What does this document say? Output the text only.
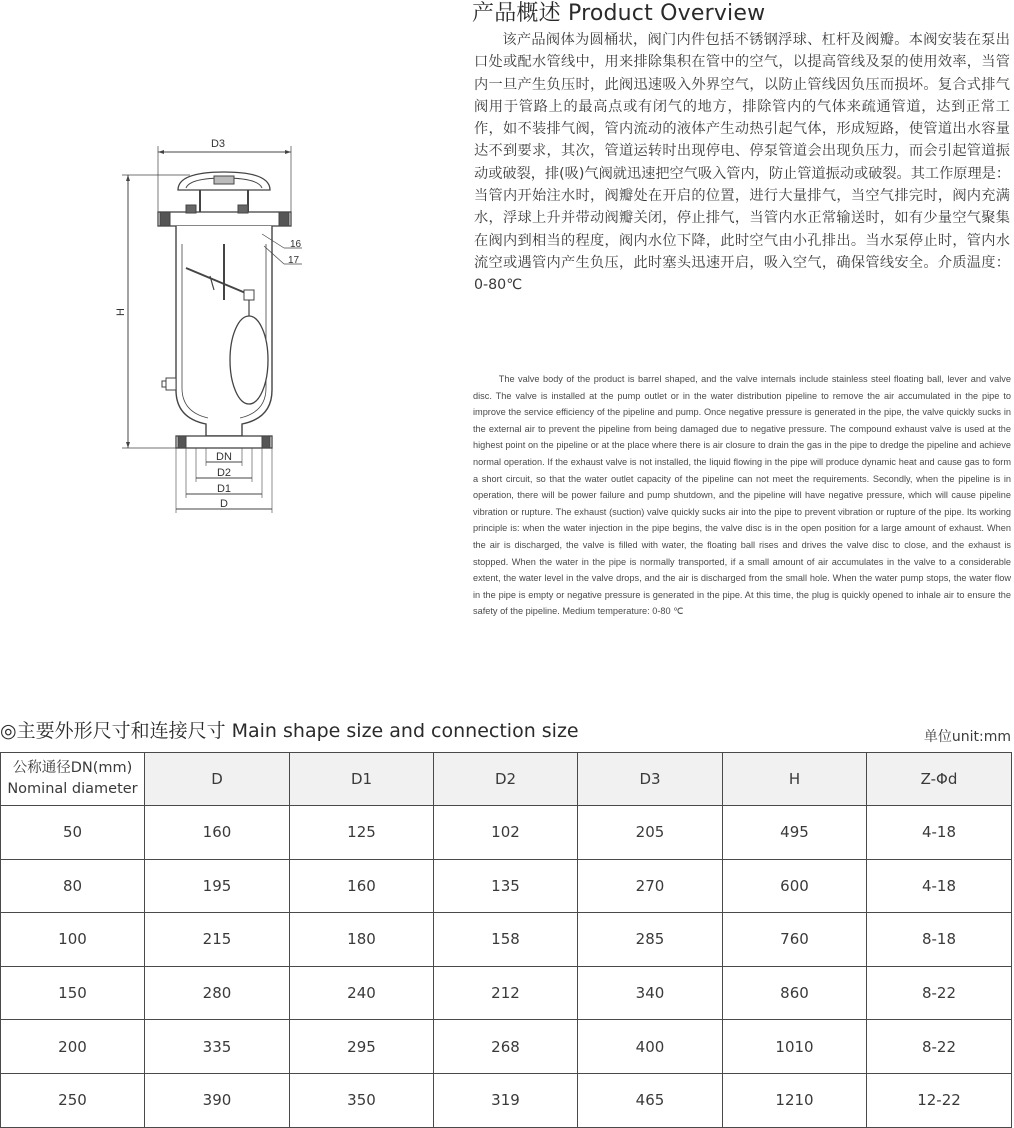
产品概述 Product Overview

该产品阀体为圆桶状，阀门内件包括不锈钢浮球、杠杆及阀瓣。本阀安装在泵出口处或配水管线中，用来排除集积在管中的空气，以提高管线及泵的使用效率，当管内一旦产生负压时，此阀迅速吸入外界空气，以防止管线因负压而损坏。复合式排气阀用于管路上的最高点或有闭气的地方，排除管内的气体来疏通管道，达到正常工作，如不装排气阀，管内流动的液体产生动热引起气体，形成短路，使管道出水容量达不到要求，其次，管道运转时出现停电、停泵管道会出现负压力，而会引起管道振动或破裂，排(吸)气阀就迅速把空气吸入管内，防止管道振动或破裂。其工作原理是：当管内开始注水时，阀瓣处在开启的位置，进行大量排气，当空气排完时，阀内充满水，浮球上升并带动阀瓣关闭，停止排气，当管内水正常输送时，如有少量空气聚集在阀内到相当的程度，阀内水位下降，此时空气由小孔排出。当水泵停止时，管内水流空或遇管内产生负压，此时塞头迅速开启，吸入空气，确保管线安全。介质温度：0-80℃

The valve body of the product is barrel shaped, and the valve internals include stainless steel floating ball, lever and valve disc. The valve is installed at the pump outlet or in the water distribution pipeline to remove the air accumulated in the pipe to improve the service efficiency of the pipeline and pump. Once negative pressure is generated in the pipe, the valve quickly sucks in the external air to prevent the pipeline from being damaged due to negative pressure. The compound exhaust valve is used at the highest point on the pipeline or at the place where there is air closure to drain the gas in the pipe to dredge the pipeline and achieve normal operation. If the exhaust valve is not installed, the liquid flowing in the pipe will produce dynamic heat and cause gas to form a short circuit, so that the water outlet capacity of the pipeline can not meet the requirements. Secondly, when the pipeline is in operation, there will be power failure and pump shutdown, and the pipeline will have negative pressure, which will cause pipeline vibration or rupture. The exhaust (suction) valve quickly sucks air into the pipe to prevent vibration or rupture of the pipe. Its working principle is: when the water injection in the pipe begins, the valve disc is in the open position for a large amount of exhaust. When the air is discharged, the valve is filled with water, the floating ball rises and drives the valve disc to close, and the exhaust is stopped. When the water in the pipe is normally transported, if a small amount of air accumulates in the valve to a considerable extent, the water level in the valve drops, and the air is discharged from the small hole. When the water pump stops, the water flow in the pipe is empty or negative pressure is generated in the pipe. At this time, the plug is quickly opened to inhale air to ensure the safety of the pipeline. Medium temperature: 0-80 ℃

D3
H
16
17
DN
D2
D1
D
◎主要外形尺寸和连接尺寸 Main shape size and connection size	单位unit:mm
公称通径DN(mm)
Nominal diameter	D	D1	D2	D3	H	Z-Φd
50	160	125	102	205	495	4-18
80	195	160	135	270	600	4-18
100	215	180	158	285	760	8-18
150	280	240	212	340	860	8-22
200	335	295	268	400	1010	8-22
250	390	350	319	465	1210	12-22
